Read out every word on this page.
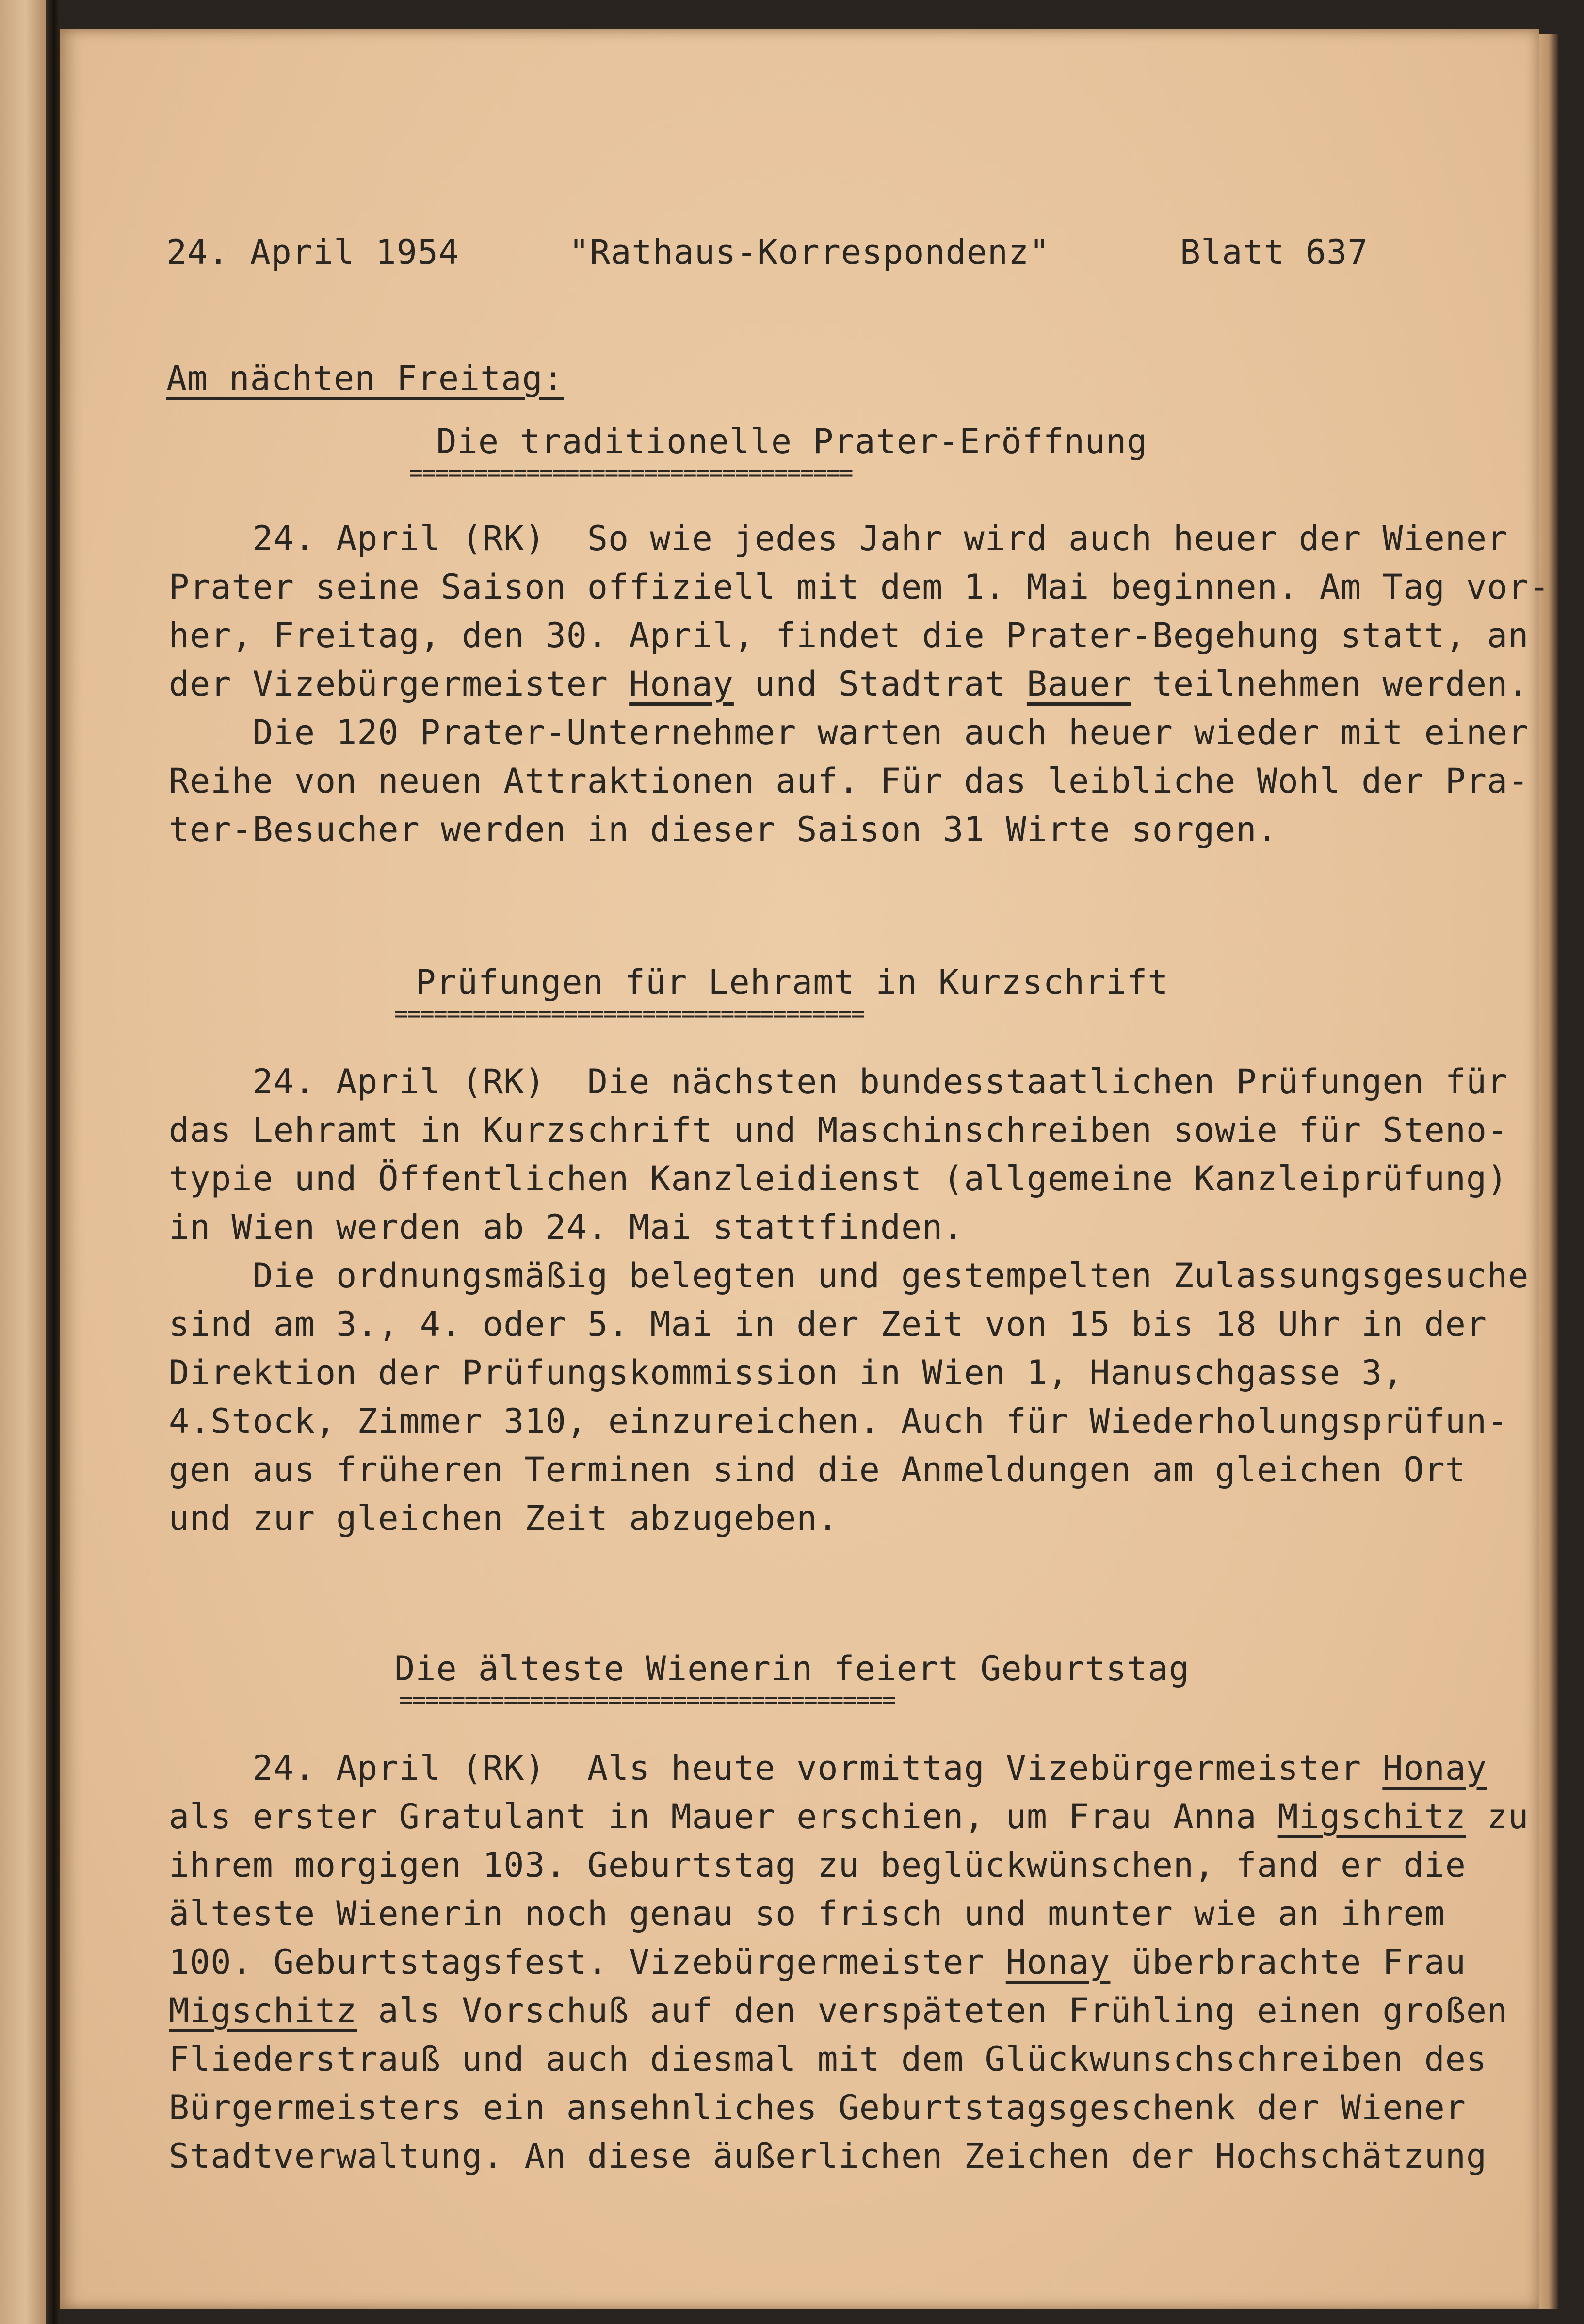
24. April 1954	"Rathaus-Korrespondenz"	Blatt 637
Am nächten Freitag:
Die traditionelle Prater-Eröffnung
==================================
Prüfungen für Lehramt in Kurzschrift
====================================
Die älteste Wienerin feiert Geburtstag
======================================
24. April (RK)  So wie jedes Jahr wird auch heuer der Wiener
Prater seine Saison offiziell mit dem 1. Mai beginnen. Am Tag vor-
her, Freitag, den 30. April, findet die Prater-Begehung statt, an
der Vizebürgermeister Honay und Stadtrat Bauer teilnehmen werden.
Die 120 Prater-Unternehmer warten auch heuer wieder mit einer
Reihe von neuen Attraktionen auf. Für das leibliche Wohl der Pra-
ter-Besucher werden in dieser Saison 31 Wirte sorgen.
24. April (RK)  Die nächsten bundesstaatlichen Prüfungen für
das Lehramt in Kurzschrift und Maschinschreiben sowie für Steno-
typie und Öffentlichen Kanzleidienst (allgemeine Kanzleiprüfung)
in Wien werden ab 24. Mai stattfinden.
Die ordnungsmäßig belegten und gestempelten Zulassungsgesuche
sind am 3., 4. oder 5. Mai in der Zeit von 15 bis 18 Uhr in der
Direktion der Prüfungskommission in Wien 1, Hanuschgasse 3,
4.Stock, Zimmer 310, einzureichen. Auch für Wiederholungsprüfun-
gen aus früheren Terminen sind die Anmeldungen am gleichen Ort
und zur gleichen Zeit abzugeben.
24. April (RK)  Als heute vormittag Vizebürgermeister Honay
als erster Gratulant in Mauer erschien, um Frau Anna Migschitz zu
ihrem morgigen 103. Geburtstag zu beglückwünschen, fand er die
älteste Wienerin noch genau so frisch und munter wie an ihrem
100. Geburtstagsfest. Vizebürgermeister Honay überbrachte Frau
Migschitz als Vorschuß auf den verspäteten Frühling einen großen
Fliederstrauß und auch diesmal mit dem Glückwunschschreiben des
Bürgermeisters ein ansehnliches Geburtstagsgeschenk der Wiener
Stadtverwaltung. An diese äußerlichen Zeichen der Hochschätzung
